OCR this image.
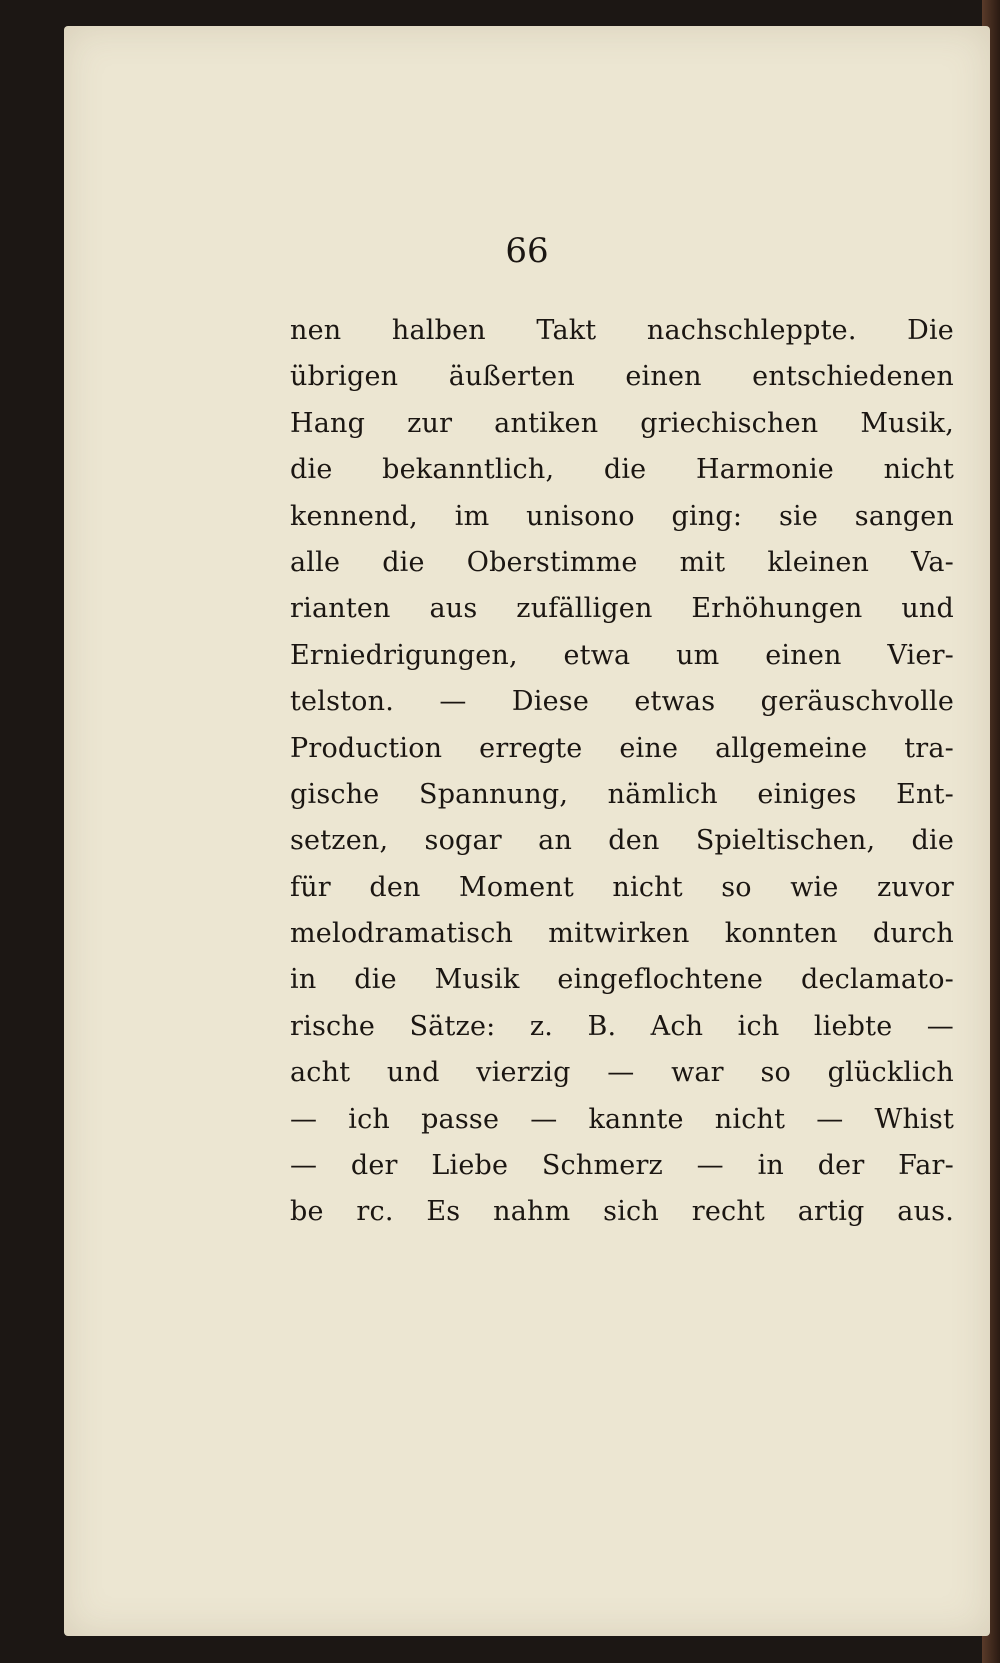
66
nen halben Takt nachschleppte. Die
übrigen äußerten einen entschiedenen
Hang zur antiken griechischen Musik,
die bekanntlich, die Harmonie nicht
kennend, im unisono ging: sie sangen
alle die Oberstimme mit kleinen Va-
rianten aus zufälligen Erhöhungen und
Erniedrigungen, etwa um einen Vier-
telston. — Diese etwas geräuschvolle
Production erregte eine allgemeine tra-
gische Spannung, nämlich einiges Ent-
setzen, sogar an den Spieltischen, die
für den Moment nicht so wie zuvor
melodramatisch mitwirken konnten durch
in die Musik eingeflochtene declamato-
rische Sätze: z. B. Ach ich liebte —
acht und vierzig — war so glücklich
— ich passe — kannte nicht — Whist
— der Liebe Schmerz — in der Far-
be rc. Es nahm sich recht artig aus.
